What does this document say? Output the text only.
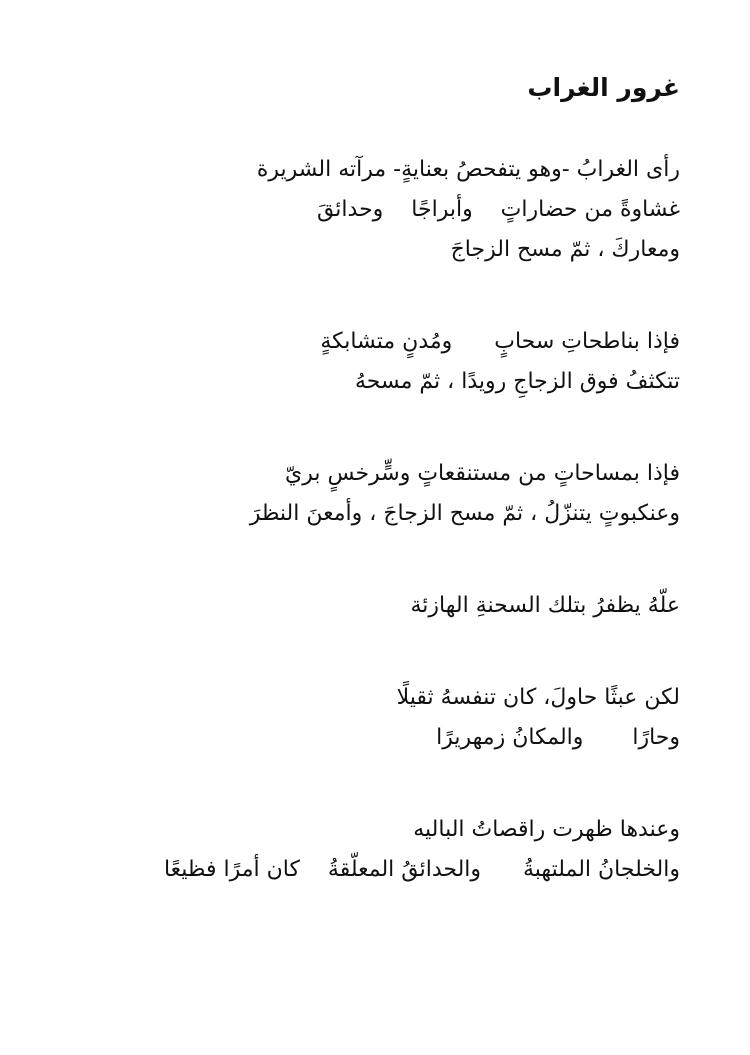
غرور الغراب
رأى الغرابُ -وهو يتفحصُ بعنايةٍ- مرآته الشريرة
غشاوةً من حضاراتٍ    وأبراجًا    وحدائقَ
ومعاركَ ، ثمّ مسح الزجاجَ
فإذا بناطحاتِ سحابٍ      ومُدنٍ متشابكةٍ
تتكثفُ فوق الزجاجِ رويدًا ، ثمّ مسحهُ
فإذا بمساحاتٍ من مستنقعاتٍ وسٍّرخسٍ بريّ
وعنكبوتٍ يتنزّلُ ، ثمّ مسح الزجاجَ ، وأمعنَ النظرَ
علّهُ يظفرُ بتلك السحنةِ الهازئة
لكن عبثًا حاولَ، كان تنفسهُ ثقيلًا
وحارًا       والمكانُ زمهريرًا
وعندها ظهرت راقصاتُ الباليه
والخلجانُ الملتهبةُ      والحدائقُ المعلّقةُ    كان أمرًا فظيعًا
